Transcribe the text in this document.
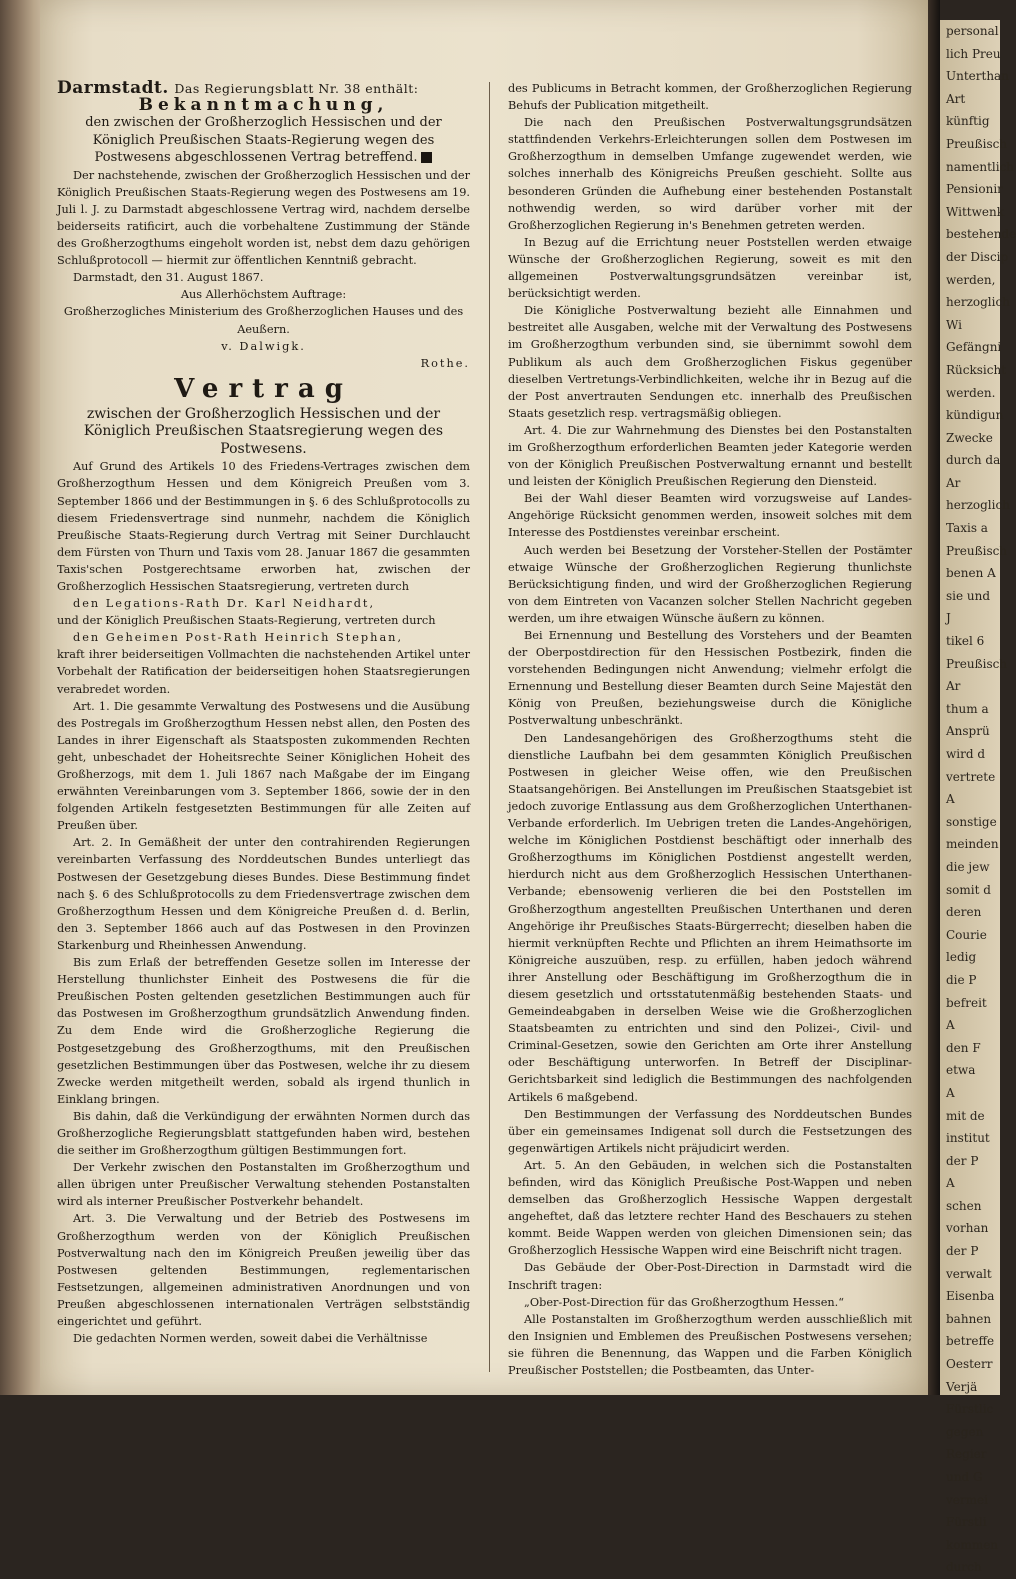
Darmstadt. Das Regierungsblatt Nr. 38 enthält:

Bekanntmachung,

den zwischen der Großherzoglich Hessischen und der Königlich Preußischen Staats-Regierung wegen des Postwesens abgeschlossenen Vertrag betreffend.

Der nachstehende, zwischen der Großherzoglich Hessischen und der Königlich Preußischen Staats-Regierung wegen des Postwesens am 19. Juli l. J. zu Darmstadt abgeschlossene Vertrag wird, nachdem derselbe beiderseits ratificirt, auch die vorbehaltene Zustimmung der Stände des Großherzogthums eingeholt worden ist, nebst dem dazu gehörigen Schlußprotocoll — hiermit zur öffentlichen Kenntniß gebracht.

Darmstadt, den 31. August 1867.

Aus Allerhöchstem Auftrage:

Großherzogliches Ministerium des Großherzoglichen Hauses und des Aeußern.

v. Dalwigk.

Rothe.

Vertrag

zwischen der Großherzoglich Hessischen und der Königlich Preußischen Staatsregierung wegen des Postwesens.

Auf Grund des Artikels 10 des Friedens-Vertrages zwischen dem Großherzogthum Hessen und dem Königreich Preußen vom 3. September 1866 und der Bestimmungen in §. 6 des Schlußprotocolls zu diesem Friedensvertrage sind nunmehr, nachdem die Königlich Preußische Staats-Regierung durch Vertrag mit Seiner Durchlaucht dem Fürsten von Thurn und Taxis vom 28. Januar 1867 die gesammten Taxis'schen Postgerechtsame erworben hat, zwischen der Großherzoglich Hessischen Staatsregierung, vertreten durch

den Legations-Rath Dr. Karl Neidhardt,

und der Königlich Preußischen Staats-Regierung, vertreten durch

den Geheimen Post-Rath Heinrich Stephan,

kraft ihrer beiderseitigen Vollmachten die nachstehenden Artikel unter Vorbehalt der Ratification der beiderseitigen hohen Staatsregierungen verabredet worden.

Art. 1. Die gesammte Verwaltung des Postwesens und die Ausübung des Postregals im Großherzogthum Hessen nebst allen, den Posten des Landes in ihrer Eigenschaft als Staatsposten zukommenden Rechten geht, unbeschadet der Hoheitsrechte Seiner Königlichen Hoheit des Großherzogs, mit dem 1. Juli 1867 nach Maßgabe der im Eingang erwähnten Vereinbarungen vom 3. September 1866, sowie der in den folgenden Artikeln festgesetzten Bestimmungen für alle Zeiten auf Preußen über.

Art. 2. In Gemäßheit der unter den contrahirenden Regierungen vereinbarten Verfassung des Norddeutschen Bundes unterliegt das Postwesen der Gesetzgebung dieses Bundes. Diese Bestimmung findet nach §. 6 des Schlußprotocolls zu dem Friedensvertrage zwischen dem Großherzogthum Hessen und dem Königreiche Preußen d. d. Berlin, den 3. September 1866 auch auf das Postwesen in den Provinzen Starkenburg und Rheinhessen Anwendung.

Bis zum Erlaß der betreffenden Gesetze sollen im Interesse der Herstellung thunlichster Einheit des Postwesens die für die Preußischen Posten geltenden gesetzlichen Bestimmungen auch für das Postwesen im Großherzogthum grundsätzlich Anwendung finden. Zu dem Ende wird die Großherzogliche Regierung die Postgesetzgebung des Großherzogthums, mit den Preußischen gesetzlichen Bestimmungen über das Postwesen, welche ihr zu diesem Zwecke werden mitgetheilt werden, sobald als irgend thunlich in Einklang bringen.

Bis dahin, daß die Verkündigung der erwähnten Normen durch das Großherzogliche Regierungsblatt stattgefunden haben wird, bestehen die seither im Großherzogthum gültigen Bestimmungen fort.

Der Verkehr zwischen den Postanstalten im Großherzogthum und allen übrigen unter Preußischer Verwaltung stehenden Postanstalten wird als interner Preußischer Postverkehr behandelt.

Art. 3. Die Verwaltung und der Betrieb des Postwesens im Großherzogthum werden von der Königlich Preußischen Postverwaltung nach den im Königreich Preußen jeweilig über das Postwesen geltenden Bestimmungen, reglementarischen Festsetzungen, allgemeinen administrativen Anordnungen und von Preußen abgeschlossenen internationalen Verträgen selbstständig eingerichtet und geführt.

Die gedachten Normen werden, soweit dabei die Verhältnisse

des Publicums in Betracht kommen, der Großherzoglichen Regierung Behufs der Publication mitgetheilt.

Die nach den Preußischen Postverwaltungsgrundsätzen stattfindenden Verkehrs-Erleichterungen sollen dem Postwesen im Großherzogthum in demselben Umfange zugewendet werden, wie solches innerhalb des Königreichs Preußen geschieht. Sollte aus besonderen Gründen die Aufhebung einer bestehenden Postanstalt nothwendig werden, so wird darüber vorher mit der Großherzoglichen Regierung in's Benehmen getreten werden.

In Bezug auf die Errichtung neuer Poststellen werden etwaige Wünsche der Großherzoglichen Regierung, soweit es mit den allgemeinen Postverwaltungsgrundsätzen vereinbar ist, berücksichtigt werden.

Die Königliche Postverwaltung bezieht alle Einnahmen und bestreitet alle Ausgaben, welche mit der Verwaltung des Postwesens im Großherzogthum verbunden sind, sie übernimmt sowohl dem Publikum als auch dem Großherzoglichen Fiskus gegenüber dieselben Vertretungs-Verbindlichkeiten, welche ihr in Bezug auf die der Post anvertrauten Sendungen etc. innerhalb des Preußischen Staats gesetzlich resp. vertragsmäßig obliegen.

Art. 4. Die zur Wahrnehmung des Dienstes bei den Postanstalten im Großherzogthum erforderlichen Beamten jeder Kategorie werden von der Königlich Preußischen Postverwaltung ernannt und bestellt und leisten der Königlich Preußischen Regierung den Diensteid.

Bei der Wahl dieser Beamten wird vorzugsweise auf Landes-Angehörige Rücksicht genommen werden, insoweit solches mit dem Interesse des Postdienstes vereinbar erscheint.

Auch werden bei Besetzung der Vorsteher-Stellen der Postämter etwaige Wünsche der Großherzoglichen Regierung thunlichste Berücksichtigung finden, und wird der Großherzoglichen Regierung von dem Eintreten von Vacanzen solcher Stellen Nachricht gegeben werden, um ihre etwaigen Wünsche äußern zu können.

Bei Ernennung und Bestellung des Vorstehers und der Beamten der Oberpostdirection für den Hessischen Postbezirk, finden die vorstehenden Bedingungen nicht Anwendung; vielmehr erfolgt die Ernennung und Bestellung dieser Beamten durch Seine Majestät den König von Preußen, beziehungsweise durch die Königliche Postverwaltung unbeschränkt.

Den Landesangehörigen des Großherzogthums steht die dienstliche Laufbahn bei dem gesammten Königlich Preußischen Postwesen in gleicher Weise offen, wie den Preußischen Staatsangehörigen. Bei Anstellungen im Preußischen Staatsgebiet ist jedoch zuvorige Entlassung aus dem Großherzoglichen Unterthanen-Verbande erforderlich. Im Uebrigen treten die Landes-Angehörigen, welche im Königlichen Postdienst beschäftigt oder innerhalb des Großherzogthums im Königlichen Postdienst angestellt werden, hierdurch nicht aus dem Großherzoglich Hessischen Unterthanen-Verbande; ebensowenig verlieren die bei den Poststellen im Großherzogthum angestellten Preußischen Unterthanen und deren Angehörige ihr Preußisches Staats-Bürgerrecht; dieselben haben die hiermit verknüpften Rechte und Pflichten an ihrem Heimathsorte im Königreiche auszuüben, resp. zu erfüllen, haben jedoch während ihrer Anstellung oder Beschäftigung im Großherzogthum die in diesem gesetzlich und ortsstatutenmäßig bestehenden Staats- und Gemeindeabgaben in derselben Weise wie die Großherzoglichen Staatsbeamten zu entrichten und sind den Polizei-, Civil- und Criminal-Gesetzen, sowie den Gerichten am Orte ihrer Anstellung oder Beschäftigung unterworfen. In Betreff der Disciplinar-Gerichtsbarkeit sind lediglich die Bestimmungen des nachfolgenden Artikels 6 maßgebend.

Den Bestimmungen der Verfassung des Norddeutschen Bundes über ein gemeinsames Indigenat soll durch die Festsetzungen des gegenwärtigen Artikels nicht präjudicirt werden.

Art. 5. An den Gebäuden, in welchen sich die Postanstalten befinden, wird das Königlich Preußische Post-Wappen und neben demselben das Großherzoglich Hessische Wappen dergestalt angeheftet, daß das letztere rechter Hand des Beschauers zu stehen kommt. Beide Wappen werden von gleichen Dimensionen sein; das Großherzoglich Hessische Wappen wird eine Beischrift nicht tragen.

Das Gebäude der Ober-Post-Direction in Darmstadt wird die Inschrift tragen:

„Ober-Post-Direction für das Großherzogthum Hessen.“

Alle Postanstalten im Großherzogthum werden ausschließlich mit den Insignien und Emblemen des Preußischen Postwesens versehen; sie führen die Benennung, das Wappen und die Farben Königlich Preußischer Poststellen; die Postbeamten, das Unter-

personal
lich Preu
Unterthan
Art
künftig
Preußisch
namentlich
Pensionir
Wittwenk
bestehende
der Discip
werden,
herzoglich
Wi
Gefängni
Rücksicht
werden.
kündigun
Zwecke
durch da
Ar
herzoglich
Taxis a
Preußisch
benen A
sie und
J
tikel 6
Preußisch
Ar
thum a
Ansprü
wird d
vertrete
A
sonstige
meinden
die jew
somit d
deren
Courie
ledig
die P
befreit
A
den F
etwa
A
mit de
institut
der P
A
schen
vorhan
der P
verwalt
Eisenba
bahnen
betreffe
Oesterr
Verjä
Fürstlic
gegen
Regier
und G
vermei
Fürstli
kommen
durch
